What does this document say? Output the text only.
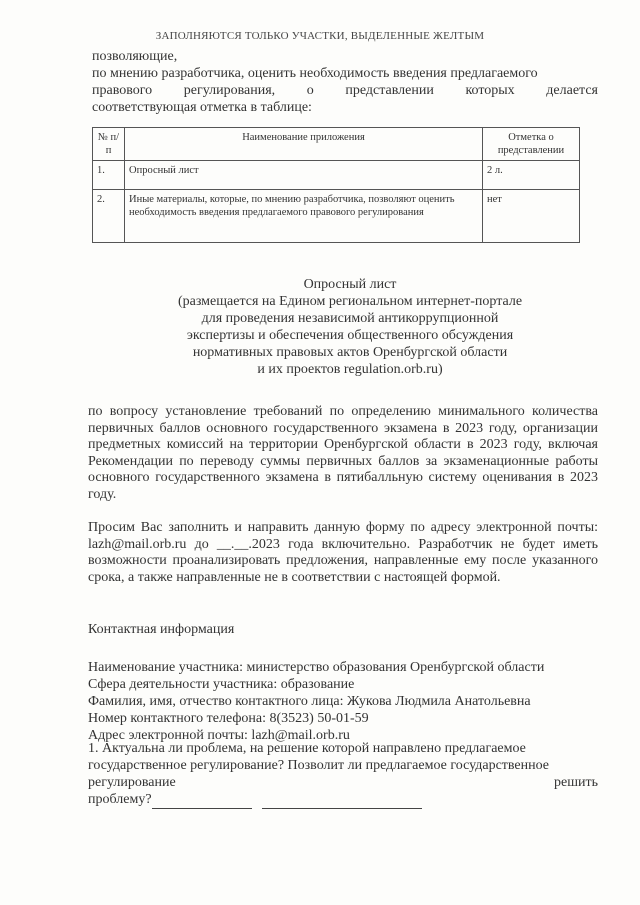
ЗАПОЛНЯЮТСЯ ТОЛЬКО УЧАСТКИ, ВЫДЕЛЕННЫЕ ЖЕЛТЫМ
позволяющие,
по мнению разработчика, оценить необходимость введения предлагаемого
правового регулирования, о представлении которых делается
соответствующая отметка в таблице:
№ п/п	Наименование приложения	Отметка о представлении
1.	Опросный лист	2 л.
2.	Иные материалы, которые, по мнению разработчика, позволяют оценить необходимость введения предлагаемого правового регулирования	нет
Опросный лист
(размещается на Едином региональном интернет-портале
для проведения независимой антикоррупционной
экспертизы и обеспечения общественного обсуждения
нормативных правовых актов Оренбургской области
и их проектов regulation.orb.ru)
по вопросу установление требований по определению минимального количества первичных баллов основного государственного экзамена в 2023 году, организации предметных комиссий на территории Оренбургской области в 2023 году, включая Рекомендации по переводу суммы первичных баллов за экзаменационные работы основного государственного экзамена в пятибалльную систему оценивания в 2023 году.
Просим Вас заполнить и направить данную форму по адресу электронной почты: lazh@mail.orb.ru до __.__.2023 года включительно. Разработчик не будет иметь возможности проанализировать предложения, направленные ему после указанного срока, а также направленные не в соответствии с настоящей формой.
Контактная информация
Наименование участника: министерство образования Оренбургской области
Сфера деятельности участника: образование
Фамилия, имя, отчество контактного лица: Жукова Людмила Анатольевна
Номер контактного телефона: 8(3523) 50-01-59
Адрес электронной почты: lazh@mail.orb.ru
1. Актуальна ли проблема, на решение которой направлено предлагаемое
государственное регулирование? Позволит ли предлагаемое государственное
регулирование	решить
проблему?
